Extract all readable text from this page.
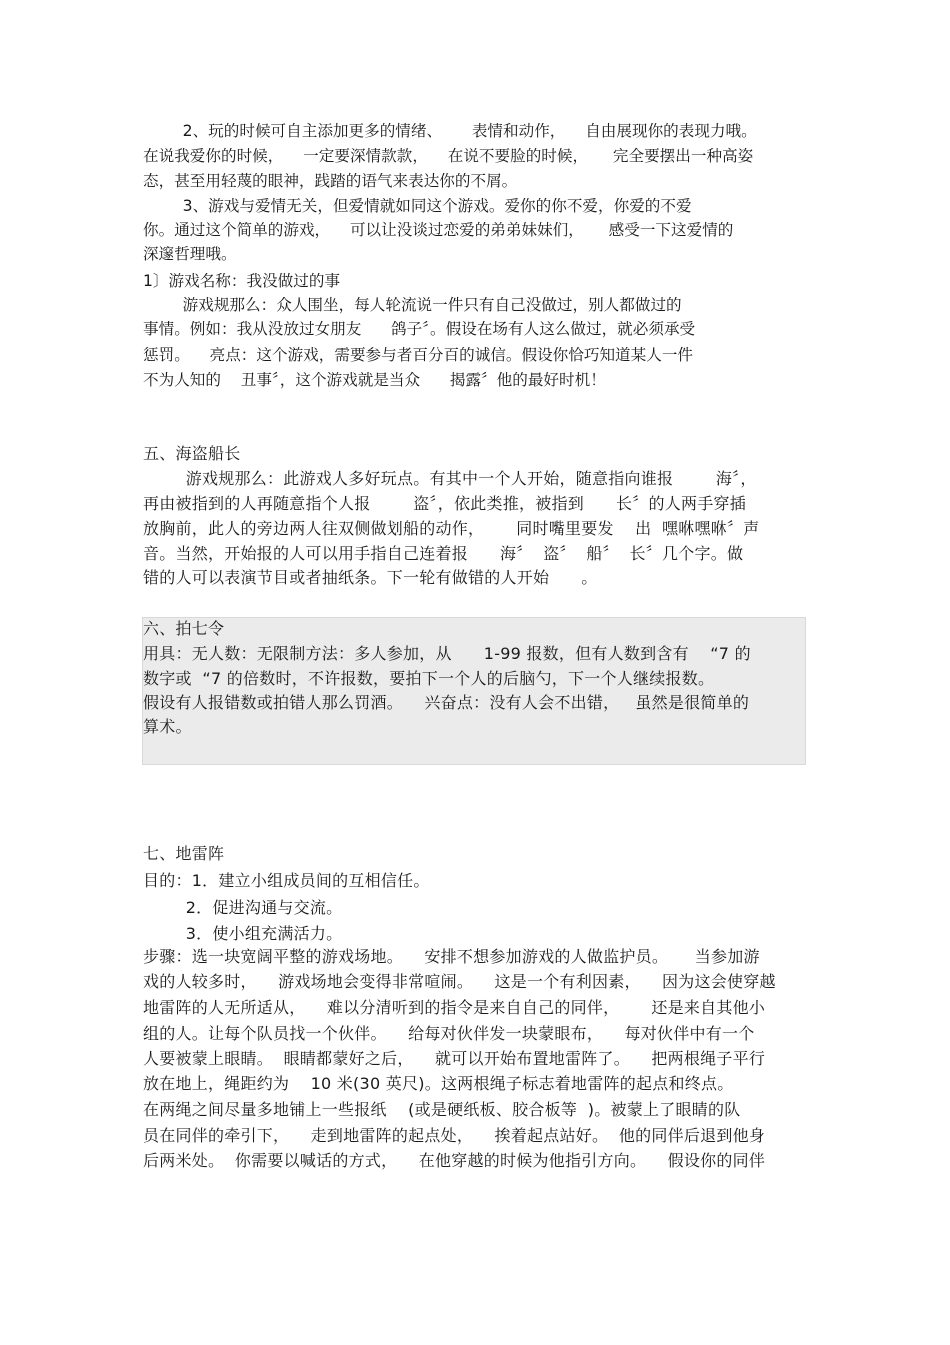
2、玩的时候可自主添加更多的情绪、      表情和动作，    自由展现你的表现力哦。
在说我爱你的时候，    一定要深情款款，    在说不要脸的时候，     完全要摆出一种高姿
态，甚至用轻蔑的眼神，践踏的语气来表达你的不屑。
3、游戏与爱情无关，但爱情就如同这个游戏。爱你的你不爱，你爱的不爱
你。通过这个简单的游戏，    可以让没谈过恋爱的弟弟妹妹们，     感受一下这爱情的
深邃哲理哦。
1〕游戏名称：我没做过的事
游戏规那么：众人围坐，每人轮流说一件只有自己没做过，别人都做过的
事情。例如：我从没放过女朋友      鸽子〞。假设在场有人这么做过，就必须承受
惩罚。    亮点：这个游戏，需要参与者百分百的诚信。假设你恰巧知道某人一件
不为人知的    丑事〞，这个游戏就是当众      揭露〞他的最好时机！
五、海盗船长
游戏规那么：此游戏人多好玩点。有其中一个人开始，随意指向谁报        海〞，
再由被指到的人再随意指个人报        盗〞，依此类推，被指到      长〞的人两手穿插
放胸前，此人的旁边两人往双侧做划船的动作，      同时嘴里要发    出  嘿咻嘿咻〞声
音。当然，开始报的人可以用手指自己连着报      海〞  盗〞  船〞  长〞几个字。做
错的人可以表演节目或者抽纸条。下一轮有做错的人开始      。
六、拍七令
用具：无人数：无限制方法：多人参加，从      1-99 报数，但有人数到含有    “7 的
数字或  “7 的倍数时，不许报数，要拍下一个人的后脑勺，下一个人继续报数。
假设有人报错数或拍错人那么罚酒。    兴奋点：没有人会不出错，   虽然是很简单的
算术。
七、地雷阵
目的：1．建立小组成员间的互相信任。
2．促进沟通与交流。
3．使小组充满活力。
步骤：选一块宽阔平整的游戏场地。    安排不想参加游戏的人做监护员。     当参加游
戏的人较多时，    游戏场地会变得非常喧闹。    这是一个有利因素，    因为这会使穿越
地雷阵的人无所适从，    难以分清听到的指令是来自自己的同伴，      还是来自其他小
组的人。让每个队员找一个伙伴。    给每对伙伴发一块蒙眼布，    每对伙伴中有一个
人要被蒙上眼睛。  眼睛都蒙好之后，    就可以开始布置地雷阵了。    把两根绳子平行
放在地上，绳距约为    10 米(30 英尺)。这两根绳子标志着地雷阵的起点和终点。
在两绳之间尽量多地铺上一些报纸    (或是硬纸板、胶合板等  )。被蒙上了眼睛的队
员在同伴的牵引下，    走到地雷阵的起点处，    挨着起点站好。  他的同伴后退到他身
后两米处。  你需要以喊话的方式，    在他穿越的时候为他指引方向。    假设你的同伴
